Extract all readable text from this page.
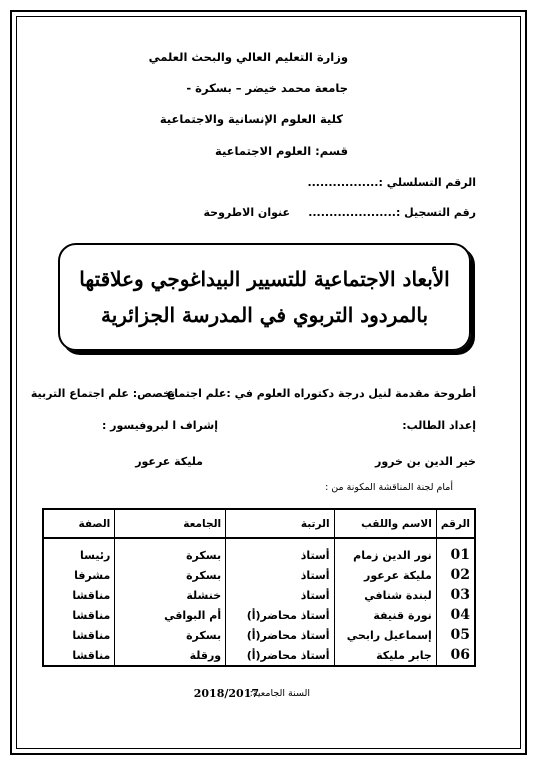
وزارة التعليم العالي والبحث العلمي
جامعة محمد خيضر – بسكرة -
كلية العلوم الإنسانية والاجتماعية
قسم: العلوم الاجتماعية
الرقم التسلسلي :.................
رقم التسجيل :.....................
عنوان الاطروحة
الأبعاد الاجتماعية للتسيير البيداغوجي وعلاقتها
بالمردود التربوي في المدرسة الجزائرية
أطروحة مقدمة لنيل درجة دكتوراه العلوم في :علم اجتماع
تخصص: علم اجتماع التربية
إعداد الطالب:
إشراف ا لبروفيسور :
خير الدين بن خرور
مليكة عرعور
أمام لجنة المناقشة المكونة من :
الرقم	الاسم واللقب	الرتبة	الجامعة	الصفة
01	نور الدين زمام	أستاذ	بسكرة	رئيسا
02	مليكة عرعور	أستاذ	بسكرة	مشرفا
03	لبندة شنافي	أستاذ	خنشلة	مناقشا
04	نورة قنيفة	أستاذ محاضر(أ)	أم البواقي	مناقشا
05	إسماعيل رابحي	أستاذ محاضر(أ)	بسكرة	مناقشا
06	جابر مليكة	أستاذ محاضر(أ)	ورقلة	مناقشا
السنة الجامعية:
2018/2017
